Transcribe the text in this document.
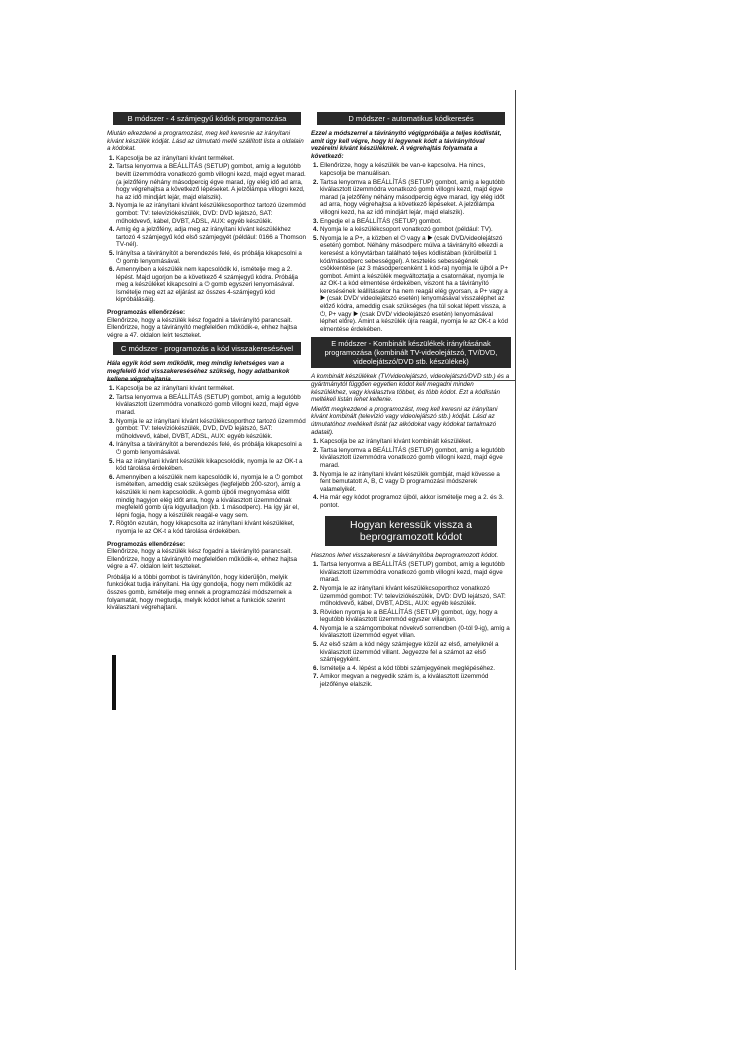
B módszer - 4 számjegyű kódok programozása
Miután elkezdené a programozást, meg kell keresnie az irányítani kívánt készülék kódját. Lásd az útmutató mellé szállított lista a oldalain a kódokat.
1. Kapcsolja be az irányítani kívánt terméket.
2. Tartsa lenyomva a BEÁLLÍTÁS (SETUP) gombot, amíg a legutóbb bevitt üzemmódra vonatkozó gomb villogni kezd, majd egyet marad. (a jelzőfény néhány másodpercig égve marad, így elég idő ad arra, hogy végrehajtsa a következő lépéseket. A jelzőlámpa villogni kezd, ha az idő mindjárt lejár, majd elalszik).
3. Nyomja le az irányítani kívánt készülékcsoporthoz tartozó üzemmód gombot: TV: televíziókészülék, DVD: DVD lejátszó, SAT: műholdvevő, kábel, DVBT, ADSL, AUX: egyéb készülék.
4. Amíg ég a jelzőfény, adja meg az irányítani kívánt készülékhez tartozó 4 számjegyű kód első számjegyét (például: 0166 a Thomson TV-nél).
5. Irányítsa a távirányítót a berendezés felé, és próbálja kikapcsolni a ⏻ gomb lenyomásával.
6. Amennyiben a készülék nem kapcsolódik ki, ismételje meg a 2. lépést. Majd ugorjon be a következő 4 számjegyű kódra. Próbálja meg a készüléket kikapcsolni a ⏻ gomb egyszeri lenyomásával. Ismételje meg ezt az eljárást az összes 4-számjegyű kód kipróbálásáig.
Programozás ellenőrzése:
Ellenőrizze, hogy a készülék kész fogadni a távirányító parancsait. Ellenőrizze, hogy a távirányító megfelelően működik-e, ehhez hajtsa végre a 47. oldalon leírt teszteket.
C módszer - programozás a kód visszakeresésével
Hála egyik kód sem működik, meg mindig lehetséges van a megfelelő kód visszakereséséhez szükség, hogy adatbankok kellene végrehajtania.
1. Kapcsolja be az irányítani kívánt terméket.
2. Tartsa lenyomva a BEÁLLÍTÁS (SETUP) gombot, amíg a legutóbb kiválasztott üzemmódra vonatkozó gomb villogni kezd, majd égve marad.
3. Nyomja le az irányítani kívánt készülékcsoporthoz tartozó üzemmód gombot: TV: televíziókészülék, DVD, DVD lejátszó, SAT: műholdvevő, kábel, DVBT, ADSL, AUX: egyéb készülék.
4. Irányítsa a távirányítót a berendezés felé, és próbálja kikapcsolni a ⏻ gomb lenyomásával.
5. Ha az irányítani kívánt készülék kikapcsolódik, nyomja le az OK-t a kód tárolása érdekében.
6. Amennyiben a készülék nem kapcsolódik ki, nyomja le a ⏻ gombot ismételten, ameddig csak szükséges (legfeljebb 200-szor), amíg a készülék ki nem kapcsolódik. A gomb újbóli megnyomása előtt mindig hagyjon elég időt arra, hogy a kiválasztott üzemmódnak megfelelő gomb újra kigyulladjon (kb. 1 másodperc). Ha így jár el, lépni fogja, hogy a készülék reagál-e vagy sem.
7. Rögtön ezután, hogy kikapcsolta az irányítani kívánt készüléket, nyomja le az OK-t a kód tárolása érdekében.
Programozás ellenőrzése:
Ellenőrizze, hogy a készülék kész fogadni a távirányító parancsait. Ellenőrizze, hogy a távirányító megfelelően működik-e, ehhez hajtsa végre a 47. oldalon leírt teszteket.
Próbálja ki a többi gombot is távirányítón, hogy kiderüljön, melyik funkciókat tudja irányítani. Ha úgy gondolja, hogy nem működik az összes gomb, ismételje meg ennek a programozási módszernek a folyamatát, hogy megtudja, melyik kódot lehet a funkciók szerint kiválasztani végrehajtani.
D módszer - automatikus kódkeresés
Ezzel a módszerrel a távirányító végigpróbálja a teljes kódlistát, amit úgy kell végre, hogy ki legyenek kódt a távirányítóval vezérelni kívánt készüléknek. A végrehajtás folyamata a következő:
1. Ellenőrizze, hogy a készülék be van-e kapcsolva. Ha nincs, kapcsolja be manuálisan.
2. Tartsa lenyomva a BEÁLLÍTÁS (SETUP) gombot, amíg a legutóbb kiválasztott üzemmódra vonatkozó gomb villogni kezd, majd égve marad (a jelzőfény néhány másodpercig égve marad, így elég időt ad arra, hogy végrehajtsa a következő lépéseket. A jelzőlámpa villogni kezd, ha az idő mindjárt lejár, majd elalszik).
3. Engedje el a BEÁLLÍTÁS (SETUP) gombot.
4. Nyomja le a készülékcsoport vonatkozó gombot (például: TV).
5. Nyomja le a P+, a közben el ⏻ vagy a ▶ (csak DVD/videolejátszó esetén) gombot. Néhány másodperc múlva a távirányító elkezdi a keresést a könyvtárban található teljes kódlistában (körülbelül 1 kód/másodperc sebességgel). A tesztelés sebességének csökkentése (az 3 másodpercenként 1 kód-ra) nyomja le újból a P+ gombot. Amint a készülék megváltoztatja a csatornákat, nyomja le az OK-t a kód elmentése érdekében, viszont ha a távirányító keresésének leállításakor ha nem reagál elég gyorsan, a P+ vagy a ▶ (csak DVD/ videolejátszó esetén) lenyomásával visszaléphet az előző kódra, ameddig csak szükséges (ha túl sokat lépett vissza, a ⏻, P+ vagy ▶ (csak DVD/ videolejátszó esetén) lenyomásával léphet előre). Amint a készülék újra reagál, nyomja le az OK-t a kód elmentése érdekében.
E módszer - Kombinált készülékek irányításának programozása (kombinált TV-videolejátszó, TV/DVD, videolejátszó/DVD stb. készülékek)
A kombinált készülékek (TV/videolejátszó, videolejátszó/DVD stb.) és a gyártmánytól függően egyetlen kódot kell megadni minden készülékhez, vagy kiválasztva többet, és több kódot. Ezt a kódlistán meltékeli listán lehet kellenie.
Mielőtt megkezdené a programozást, meg kell keresni az irányítani kívánt kombinált (televízió vagy videolejátszó stb.) kódját. Lásd az útmutatóhoz mellékelt listát (az alkódokat vagy kódokat tartalmazó adatait).
1. Kapcsolja be az irányítani kívánt kombinált készüléket.
2. Tartsa lenyomva a BEÁLLÍTÁS (SETUP) gombot, amíg a legutóbb kiválasztott üzemmódra vonatkozó gomb villogni kezd, majd égve marad.
3. Nyomja le az irányítani kívánt készülék gombját, majd kövesse a fent bemutatott A, B, C vagy D programozási módszerek valamelyikét.
4. Ha már egy kódot programoz újból, akkor ismételje meg a 2. és 3. pontot.
Hogyan keressük vissza a beprogramozott kódot
Hasznos lehet visszakeresni a távirányítóba beprogramozott kódot.
1. Tartsa lenyomva a BEÁLLÍTÁS (SETUP) gombot, amíg a legutóbb kiválasztott üzemmódra vonatkozó gomb villogni kezd, majd égve marad.
2. Nyomja le az irányítani kívánt készülékcsoporthoz vonatkozó üzemmód gombot: TV: televíziókészülék, DVD: DVD lejátszó, SAT: műholdvevő, kábel, DVBT, ADSL, AUX: egyéb készülék.
3. Röviden nyomja le a BEÁLLÍTÁS (SETUP) gombot, úgy, hogy a legutóbb kiválasztott üzemmód egyszer villanjon.
4. Nyomja le a számgombokat növekvő sorrendben (0-tól 9-ig), amíg a kiválasztott üzemmód egyet villan.
5. Az első szám a kód négy számjegye közül az első, amelyiknél a kiválasztott üzemmód villant. Jegyezze fel a számot az első számjegyként.
6. Ismételje a 4. lépést a kód többi számjegyének meglépéséhez.
7. Amikor megvan a negyedik szám is, a kiválasztott üzemmód jelzőfénye elalszik.
